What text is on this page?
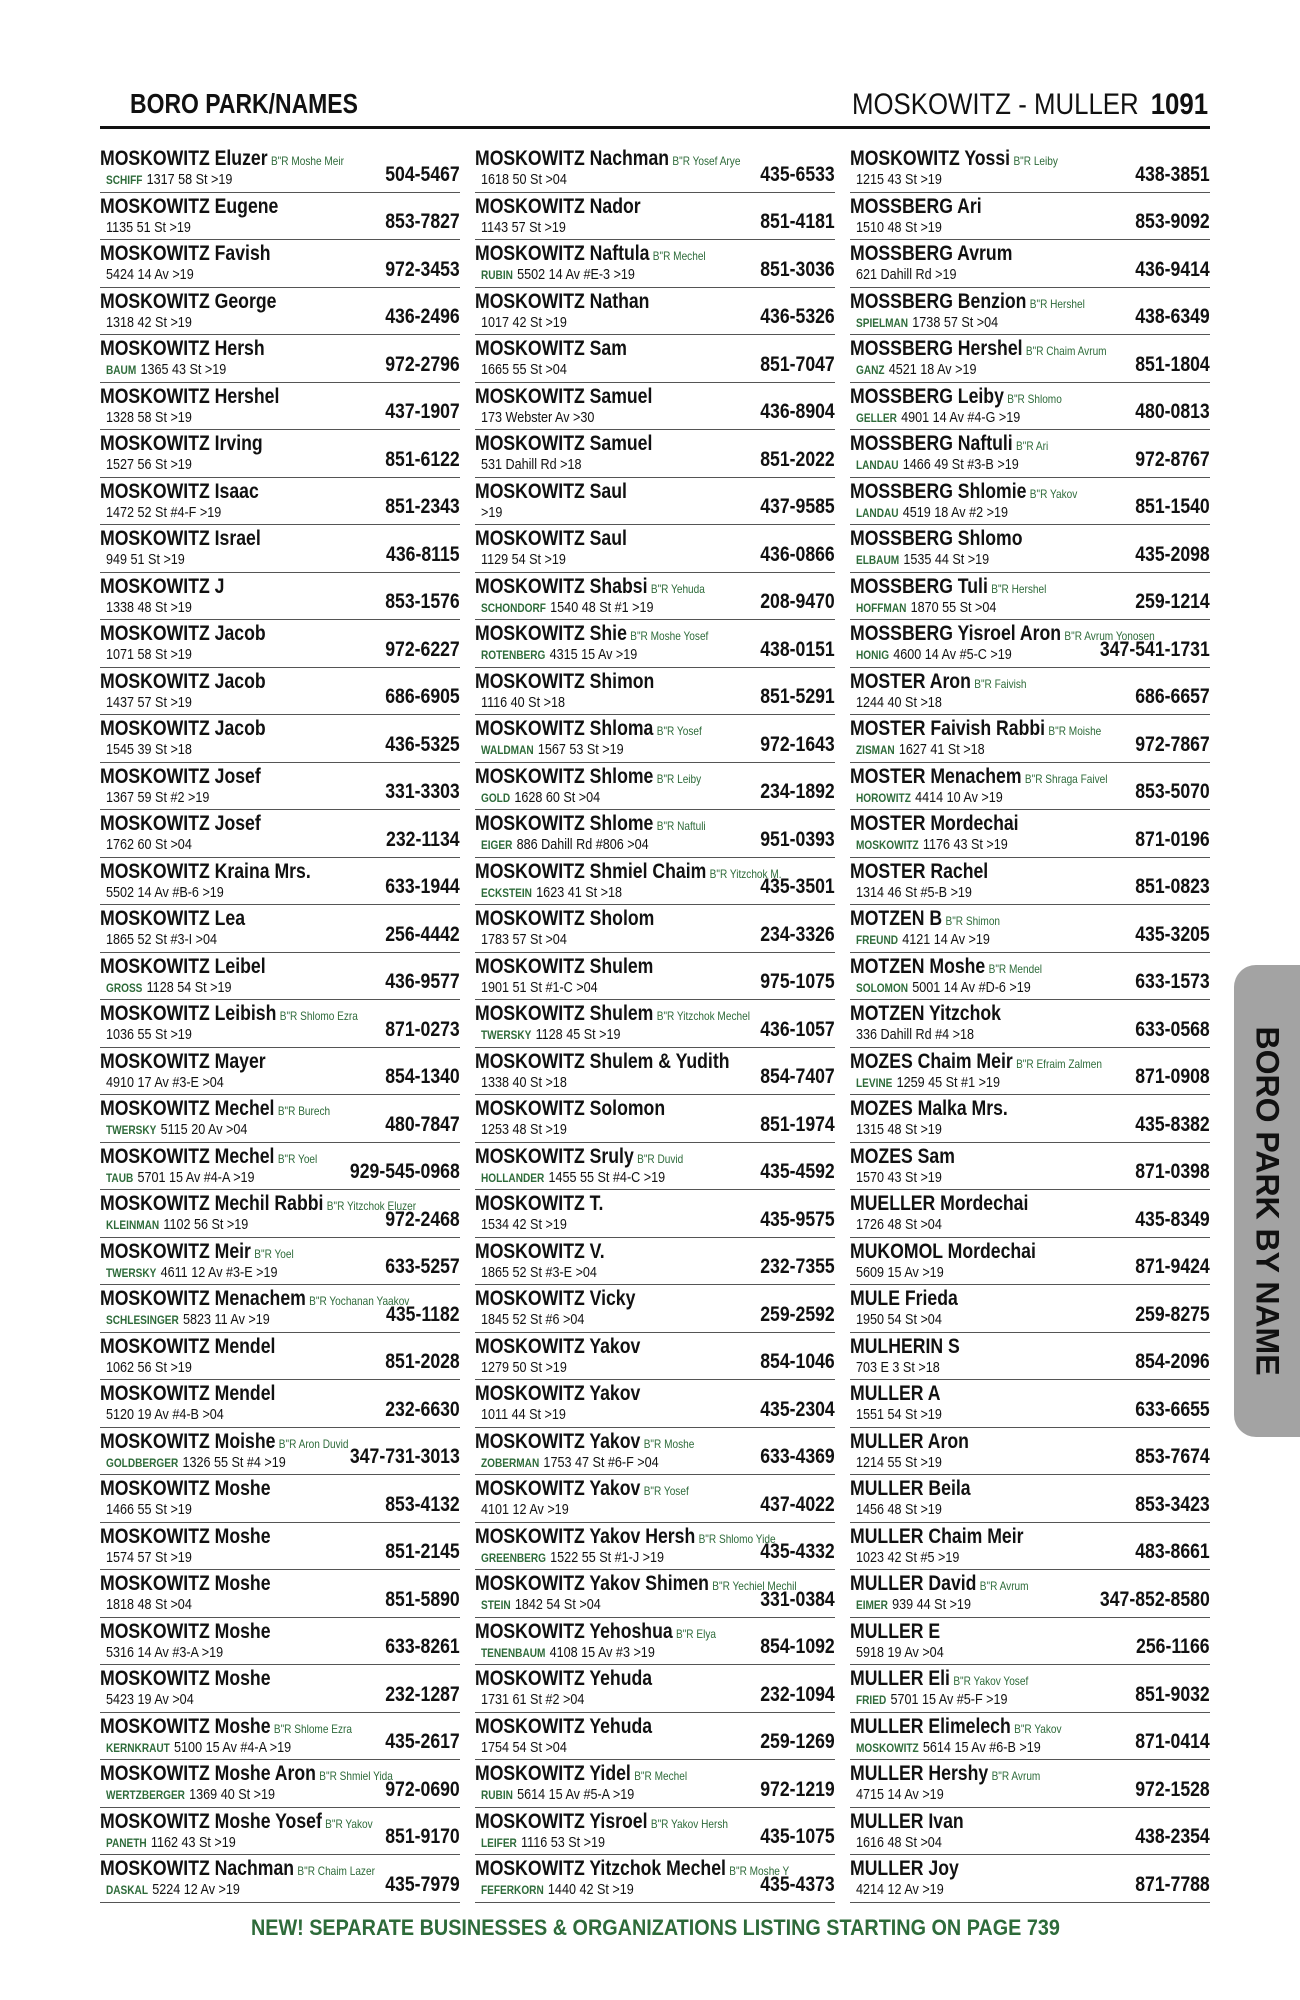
BORO PARK/NAMES	MOSKOWITZ - MULLER 1091
MOSKOWITZ Eluzer B"R Moshe Meir
SCHIFF 1317 58 St >19	504-5467
MOSKOWITZ Eugene
1135 51 St >19	853-7827
MOSKOWITZ Favish
5424 14 Av >19	972-3453
MOSKOWITZ George
1318 42 St >19	436-2496
MOSKOWITZ Hersh
BAUM 1365 43 St >19	972-2796
MOSKOWITZ Hershel
1328 58 St >19	437-1907
MOSKOWITZ Irving
1527 56 St >19	851-6122
MOSKOWITZ Isaac
1472 52 St #4-F >19	851-2343
MOSKOWITZ Israel
949 51 St >19	436-8115
MOSKOWITZ J
1338 48 St >19	853-1576
MOSKOWITZ Jacob
1071 58 St >19	972-6227
MOSKOWITZ Jacob
1437 57 St >19	686-6905
MOSKOWITZ Jacob
1545 39 St >18	436-5325
MOSKOWITZ Josef
1367 59 St #2 >19	331-3303
MOSKOWITZ Josef
1762 60 St >04	232-1134
MOSKOWITZ Kraina Mrs.
5502 14 Av #B-6 >19	633-1944
MOSKOWITZ Lea
1865 52 St #3-I >04	256-4442
MOSKOWITZ Leibel
GROSS 1128 54 St >19	436-9577
MOSKOWITZ Leibish B"R Shlomo Ezra
1036 55 St >19	871-0273
MOSKOWITZ Mayer
4910 17 Av #3-E >04	854-1340
MOSKOWITZ Mechel B"R Burech
TWERSKY 5115 20 Av >04	480-7847
MOSKOWITZ Mechel B"R Yoel
TAUB 5701 15 Av #4-A >19	929-545-0968
MOSKOWITZ Mechil Rabbi B"R Yitzchok Eluzer
KLEINMAN 1102 56 St >19	972-2468
MOSKOWITZ Meir B"R Yoel
TWERSKY 4611 12 Av #3-E >19	633-5257
MOSKOWITZ Menachem B"R Yochanan Yaakov
SCHLESINGER 5823 11 Av >19	435-1182
MOSKOWITZ Mendel
1062 56 St >19	851-2028
MOSKOWITZ Mendel
5120 19 Av #4-B >04	232-6630
MOSKOWITZ Moishe B"R Aron Duvid
GOLDBERGER 1326 55 St #4 >19	347-731-3013
MOSKOWITZ Moshe
1466 55 St >19	853-4132
MOSKOWITZ Moshe
1574 57 St >19	851-2145
MOSKOWITZ Moshe
1818 48 St >04	851-5890
MOSKOWITZ Moshe
5316 14 Av #3-A >19	633-8261
MOSKOWITZ Moshe
5423 19 Av >04	232-1287
MOSKOWITZ Moshe B"R Shlome Ezra
KERNKRAUT 5100 15 Av #4-A >19	435-2617
MOSKOWITZ Moshe Aron B"R Shmiel Yida
WERTZBERGER 1369 40 St >19	972-0690
MOSKOWITZ Moshe Yosef B"R Yakov
PANETH 1162 43 St >19	851-9170
MOSKOWITZ Nachman B"R Chaim Lazer
DASKAL 5224 12 Av >19	435-7979
MOSKOWITZ Nachman B"R Yosef Arye
1618 50 St >04	435-6533
MOSKOWITZ Nador
1143 57 St >19	851-4181
MOSKOWITZ Naftula B"R Mechel
RUBIN 5502 14 Av #E-3 >19	851-3036
MOSKOWITZ Nathan
1017 42 St >19	436-5326
MOSKOWITZ Sam
1665 55 St >04	851-7047
MOSKOWITZ Samuel
173 Webster Av >30	436-8904
MOSKOWITZ Samuel
531 Dahill Rd >18	851-2022
MOSKOWITZ Saul
>19	437-9585
MOSKOWITZ Saul
1129 54 St >19	436-0866
MOSKOWITZ Shabsi B"R Yehuda
SCHONDORF 1540 48 St #1 >19	208-9470
MOSKOWITZ Shie B"R Moshe Yosef
ROTENBERG 4315 15 Av >19	438-0151
MOSKOWITZ Shimon
1116 40 St >18	851-5291
MOSKOWITZ Shloma B"R Yosef
WALDMAN 1567 53 St >19	972-1643
MOSKOWITZ Shlome B"R Leiby
GOLD 1628 60 St >04	234-1892
MOSKOWITZ Shlome B"R Naftuli
EIGER 886 Dahill Rd #806 >04	951-0393
MOSKOWITZ Shmiel Chaim B"R Yitzchok M.
ECKSTEIN 1623 41 St >18	435-3501
MOSKOWITZ Sholom
1783 57 St >04	234-3326
MOSKOWITZ Shulem
1901 51 St #1-C >04	975-1075
MOSKOWITZ Shulem B"R Yitzchok Mechel
TWERSKY 1128 45 St >19	436-1057
MOSKOWITZ Shulem & Yudith
1338 40 St >18	854-7407
MOSKOWITZ Solomon
1253 48 St >19	851-1974
MOSKOWITZ Sruly B"R Duvid
HOLLANDER 1455 55 St #4-C >19	435-4592
MOSKOWITZ T.
1534 42 St >19	435-9575
MOSKOWITZ V.
1865 52 St #3-E >04	232-7355
MOSKOWITZ Vicky
1845 52 St #6 >04	259-2592
MOSKOWITZ Yakov
1279 50 St >19	854-1046
MOSKOWITZ Yakov
1011 44 St >19	435-2304
MOSKOWITZ Yakov B"R Moshe
ZOBERMAN 1753 47 St #6-F >04	633-4369
MOSKOWITZ Yakov B"R Yosef
4101 12 Av >19	437-4022
MOSKOWITZ Yakov Hersh B"R Shlomo Yide
GREENBERG 1522 55 St #1-J >19	435-4332
MOSKOWITZ Yakov Shimen B"R Yechiel Mechil
STEIN 1842 54 St >04	331-0384
MOSKOWITZ Yehoshua B"R Elya
TENENBAUM 4108 15 Av #3 >19	854-1092
MOSKOWITZ Yehuda
1731 61 St #2 >04	232-1094
MOSKOWITZ Yehuda
1754 54 St >04	259-1269
MOSKOWITZ Yidel B"R Mechel
RUBIN 5614 15 Av #5-A >19	972-1219
MOSKOWITZ Yisroel B"R Yakov Hersh
LEIFER 1116 53 St >19	435-1075
MOSKOWITZ Yitzchok Mechel B"R Moshe Y
FEFERKORN 1440 42 St >19	435-4373
MOSKOWITZ Yossi B"R Leiby
1215 43 St >19	438-3851
MOSSBERG Ari
1510 48 St >19	853-9092
MOSSBERG Avrum
621 Dahill Rd >19	436-9414
MOSSBERG Benzion B"R Hershel
SPIELMAN 1738 57 St >04	438-6349
MOSSBERG Hershel B"R Chaim Avrum
GANZ 4521 18 Av >19	851-1804
MOSSBERG Leiby B"R Shlomo
GELLER 4901 14 Av #4-G >19	480-0813
MOSSBERG Naftuli B"R Ari
LANDAU 1466 49 St #3-B >19	972-8767
MOSSBERG Shlomie B"R Yakov
LANDAU 4519 18 Av #2 >19	851-1540
MOSSBERG Shlomo
ELBAUM 1535 44 St >19	435-2098
MOSSBERG Tuli B"R Hershel
HOFFMAN 1870 55 St >04	259-1214
MOSSBERG Yisroel Aron B"R Avrum Yonosen
HONIG 4600 14 Av #5-C >19	347-541-1731
MOSTER Aron B"R Faivish
1244 40 St >18	686-6657
MOSTER Faivish Rabbi B"R Moishe
ZISMAN 1627 41 St >18	972-7867
MOSTER Menachem B"R Shraga Faivel
HOROWITZ 4414 10 Av >19	853-5070
MOSTER Mordechai
MOSKOWITZ 1176 43 St >19	871-0196
MOSTER Rachel
1314 46 St #5-B >19	851-0823
MOTZEN B B"R Shimon
FREUND 4121 14 Av >19	435-3205
MOTZEN Moshe B"R Mendel
SOLOMON 5001 14 Av #D-6 >19	633-1573
MOTZEN Yitzchok
336 Dahill Rd #4 >18	633-0568
MOZES Chaim Meir B"R Efraim Zalmen
LEVINE 1259 45 St #1 >19	871-0908
MOZES Malka Mrs.
1315 48 St >19	435-8382
MOZES Sam
1570 43 St >19	871-0398
MUELLER Mordechai
1726 48 St >04	435-8349
MUKOMOL Mordechai
5609 15 Av >19	871-9424
MULE Frieda
1950 54 St >04	259-8275
MULHERIN S
703 E 3 St >18	854-2096
MULLER A
1551 54 St >19	633-6655
MULLER Aron
1214 55 St >19	853-7674
MULLER Beila
1456 48 St >19	853-3423
MULLER Chaim Meir
1023 42 St #5 >19	483-8661
MULLER David B"R Avrum
EIMER 939 44 St >19	347-852-8580
MULLER E
5918 19 Av >04	256-1166
MULLER Eli B"R Yakov Yosef
FRIED 5701 15 Av #5-F >19	851-9032
MULLER Elimelech B"R Yakov
MOSKOWITZ 5614 15 Av #6-B >19	871-0414
MULLER Hershy B"R Avrum
4715 14 Av >19	972-1528
MULLER Ivan
1616 48 St >04	438-2354
MULLER Joy
4214 12 Av >19	871-7788
BORO PARK BY NAME
NEW! SEPARATE BUSINESSES & ORGANIZATIONS LISTING STARTING ON PAGE 739
